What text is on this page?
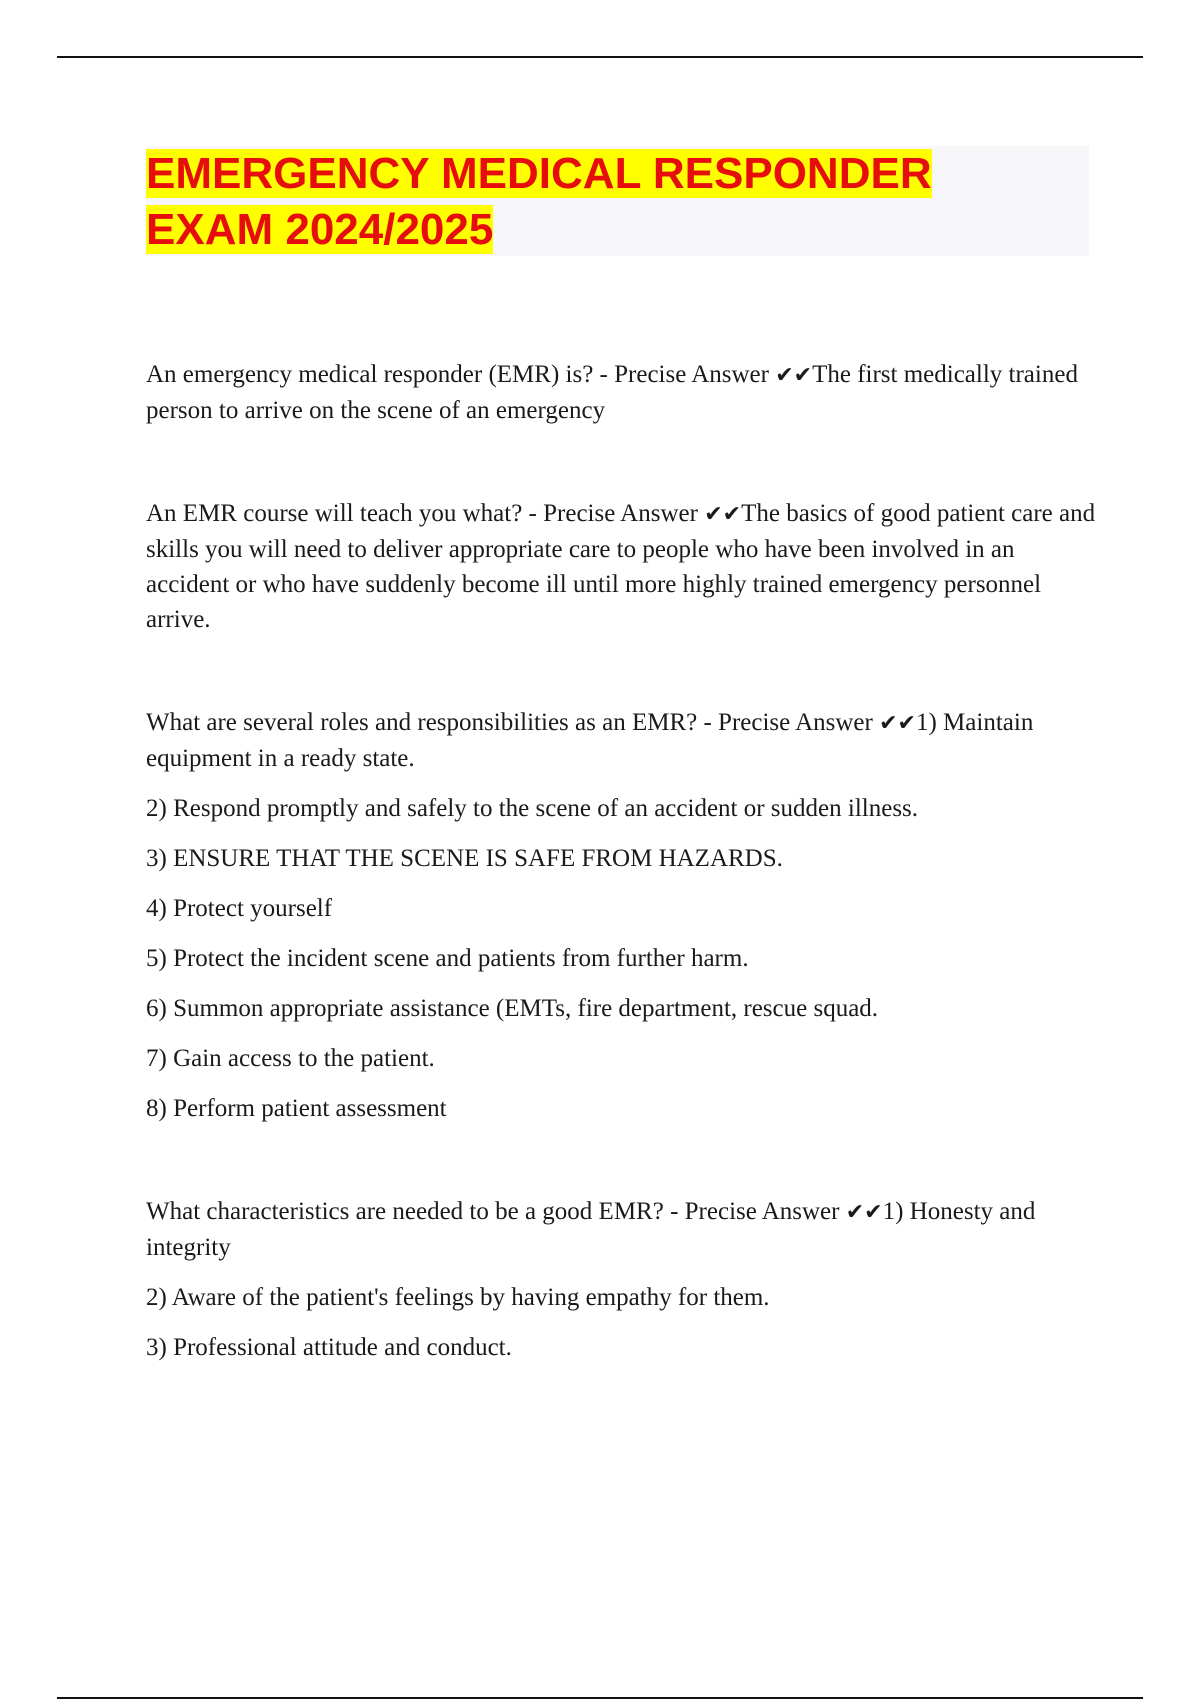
EMERGENCY MEDICAL RESPONDER
EXAM 2024/2025

An emergency medical responder (EMR) is? - Precise Answer ✔✔The first medically trained person to arrive on the scene of an emergency

An EMR course will teach you what? - Precise Answer ✔✔The basics of good patient care and skills you will need to deliver appropriate care to people who have been involved in an accident or who have suddenly become ill until more highly trained emergency personnel arrive.

What are several roles and responsibilities as an EMR? - Precise Answer ✔✔1) Maintain equipment in a ready state.

2) Respond promptly and safely to the scene of an accident or sudden illness.

3) ENSURE THAT THE SCENE IS SAFE FROM HAZARDS.

4) Protect yourself

5) Protect the incident scene and patients from further harm.

6) Summon appropriate assistance (EMTs, fire department, rescue squad.

7) Gain access to the patient.

8) Perform patient assessment

What characteristics are needed to be a good EMR? - Precise Answer ✔✔1) Honesty and integrity

2) Aware of the patient's feelings by having empathy for them.

3) Professional attitude and conduct.
